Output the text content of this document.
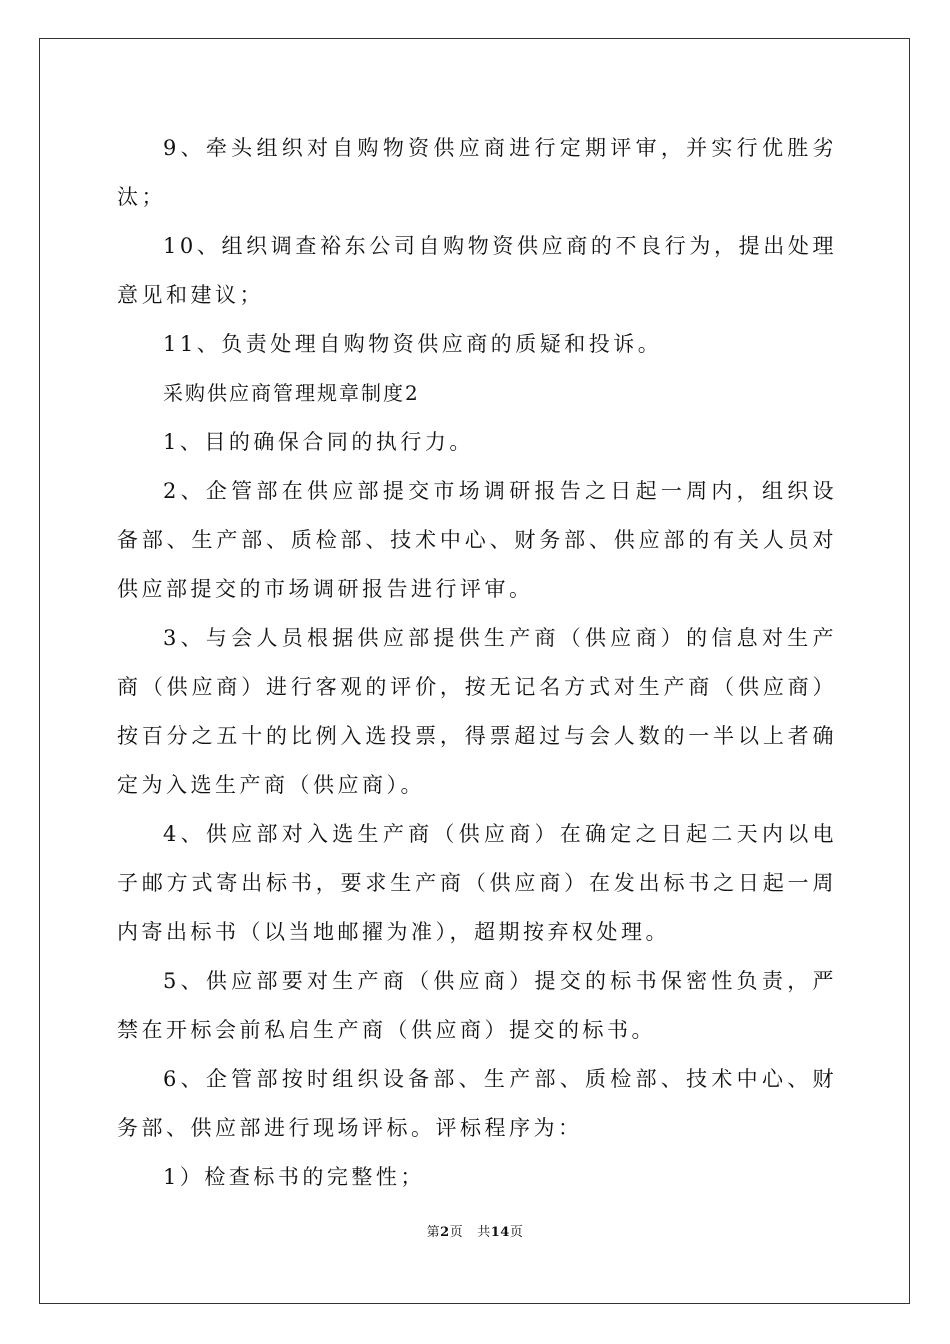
9、牵头组织对自购物资供应商进行定期评审，并实行优胜劣汰；

10、组织调查裕东公司自购物资供应商的不良行为，提出处理意见和建议；

11、负责处理自购物资供应商的质疑和投诉。

采购供应商管理规章制度2

1、目的确保合同的执行力。

2、企管部在供应部提交市场调研报告之日起一周内，组织设备部、生产部、质检部、技术中心、财务部、供应部的有关人员对供应部提交的市场调研报告进行评审。

3、与会人员根据供应部提供生产商（供应商）的信息对生产商（供应商）进行客观的评价，按无记名方式对生产商（供应商）按百分之五十的比例入选投票，得票超过与会人数的一半以上者确定为入选生产商（供应商）。

4、供应部对入选生产商（供应商）在确定之日起二天内以电子邮方式寄出标书，要求生产商（供应商）在发出标书之日起一周内寄出标书（以当地邮擢为准），超期按弃权处理。

5、供应部要对生产商（供应商）提交的标书保密性负责，严禁在开标会前私启生产商（供应商）提交的标书。

6、企管部按时组织设备部、生产部、质检部、技术中心、财务部、供应部进行现场评标。评标程序为：

1）检查标书的完整性；

第2页 共14页
